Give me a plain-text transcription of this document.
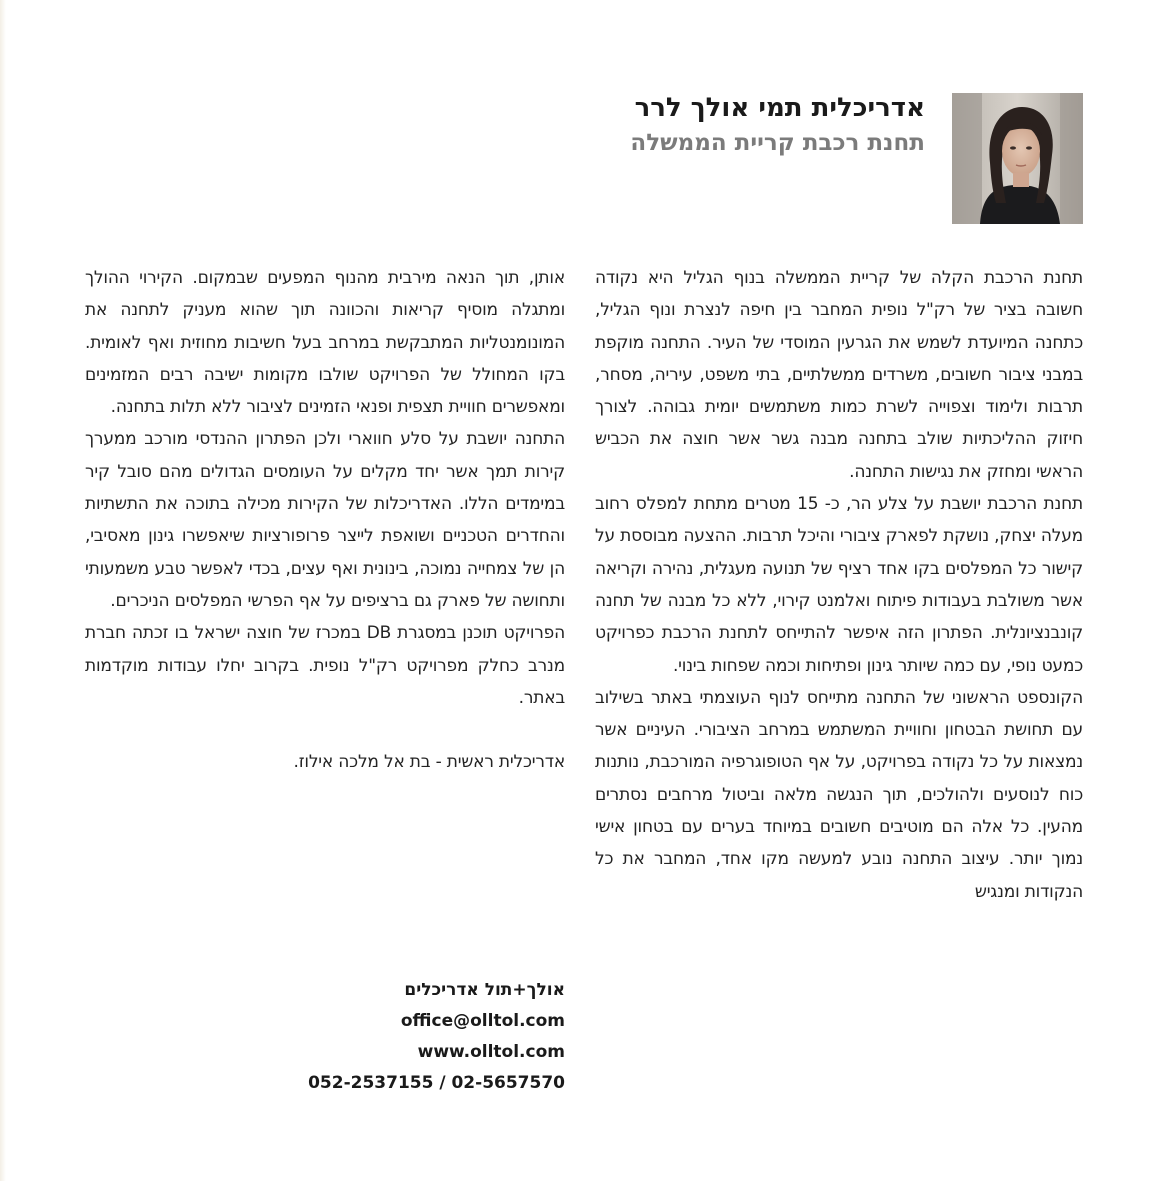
אדריכלית תמי אולך לרר
תחנת רכבת קריית הממשלה

תחנת הרכבת הקלה של קריית הממשלה בנוף הגליל היא נקודה חשובה בציר של רק"ל נופית המחבר בין חיפה לנצרת ונוף הגליל, כתחנה המיועדת לשמש את הגרעין המוסדי של העיר. התחנה מוקפת במבני ציבור חשובים, משרדים ממשלתיים, בתי משפט, עיריה, מסחר, תרבות ולימוד וצפוייה לשרת כמות משתמשים יומית גבוהה. לצורך חיזוק ההליכתיות שולב בתחנה מבנה גשר אשר חוצה את הכביש הראשי ומחזק את נגישות התחנה.

תחנת הרכבת יושבת על צלע הר, כ- 15 מטרים מתחת למפלס רחוב מעלה יצחק, נושקת לפארק ציבורי והיכל תרבות. ההצעה מבוססת על קישור כל המפלסים בקו אחד רציף של תנועה מעגלית, נהירה וקריאה אשר משולבת בעבודות פיתוח ואלמנט קירוי, ללא כל מבנה של תחנה קונבנציונלית. הפתרון הזה איפשר להתייחס לתחנת הרכבת כפרויקט כמעט נופי, עם כמה שיותר גינון ופתיחות וכמה שפחות בינוי.

הקונספט הראשוני של התחנה מתייחס לנוף העוצמתי באתר בשילוב עם תחושת הבטחון וחוויית המשתמש במרחב הציבורי. העיניים אשר נמצאות על כל נקודה בפרויקט, על אף הטופוגרפיה המורכבת, נותנות כוח לנוסעים ולהולכים, תוך הנגשה מלאה וביטול מרחבים נסתרים מהעין. כל אלה הם מוטיבים חשובים במיוחד בערים עם בטחון אישי נמוך יותר. עיצוב התחנה נובע למעשה מקו אחד, המחבר את כל הנקודות ומנגיש

אותן, תוך הנאה מירבית מהנוף המפעים שבמקום. הקירוי ההולך ומתגלה מוסיף קריאות והכוונה תוך שהוא מעניק לתחנה את המונומנטליות המתבקשת במרחב בעל חשיבות מחוזית ואף לאומית. בקו המחולל של הפרויקט שולבו מקומות ישיבה רבים המזמינים ומאפשרים חוויית תצפית ופנאי הזמינים לציבור ללא תלות בתחנה.

התחנה יושבת על סלע חווארי ולכן הפתרון ההנדסי מורכב ממערך קירות תמך אשר יחד מקלים על העומסים הגדולים מהם סובל קיר במימדים הללו. האדריכלות של הקירות מכילה בתוכה את התשתיות והחדרים הטכניים ושואפת לייצר פרופורציות שיאפשרו גינון מאסיבי, הן של צמחייה נמוכה, בינונית ואף עצים, בכדי לאפשר טבע משמעותי ותחושה של פארק גם ברציפים על אף הפרשי המפלסים הניכרים.

הפרויקט תוכנן במסגרת DB במכרז של חוצה ישראל בו זכתה חברת מנרב כחלק מפרויקט רק"ל נופית. בקרוב יחלו עבודות מוקדמות באתר.

אדריכלית ראשית - בת אל מלכה אילוז.

אולך+תול אדריכלים
office@olltol.com
www.olltol.com
052-2537155 / 02-5657570
